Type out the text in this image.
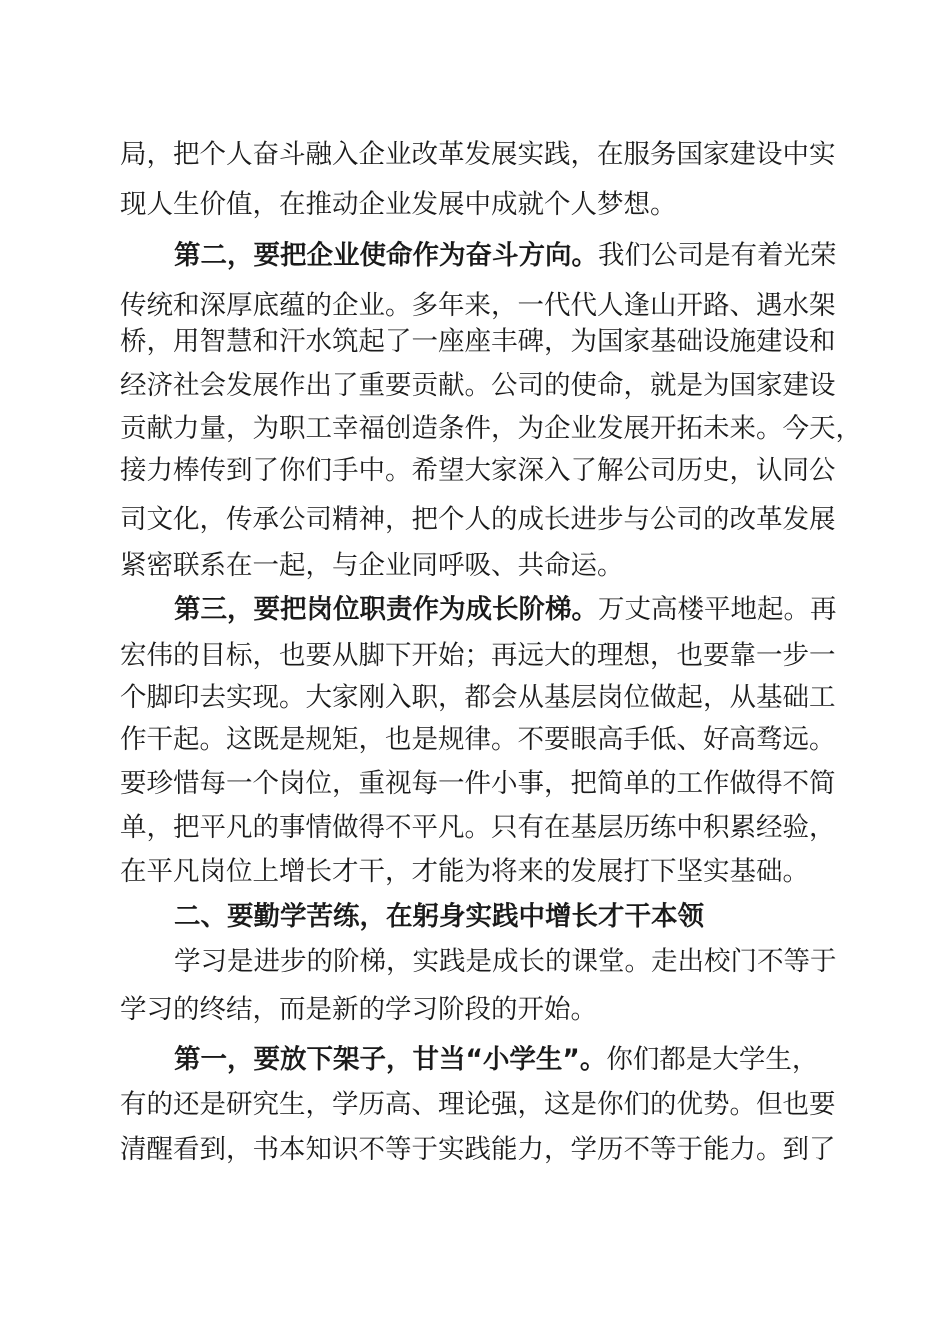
局，把个人奋斗融入企业改革发展实践，在服务国家建设中实
现人生价值，在推动企业发展中成就个人梦想。
第二，要把企业使命作为奋斗方向。我们公司是有着光荣
传统和深厚底蕴的企业。多年来，一代代人逢山开路、遇水架
桥，用智慧和汗水筑起了一座座丰碑，为国家基础设施建设和
经济社会发展作出了重要贡献。公司的使命，就是为国家建设
贡献力量，为职工幸福创造条件，为企业发展开拓未来。今天，
接力棒传到了你们手中。希望大家深入了解公司历史，认同公
司文化，传承公司精神，把个人的成长进步与公司的改革发展
紧密联系在一起，与企业同呼吸、共命运。
第三，要把岗位职责作为成长阶梯。万丈高楼平地起。再
宏伟的目标，也要从脚下开始；再远大的理想，也要靠一步一
个脚印去实现。大家刚入职，都会从基层岗位做起，从基础工
作干起。这既是规矩，也是规律。不要眼高手低、好高骛远。
要珍惜每一个岗位，重视每一件小事，把简单的工作做得不简
单，把平凡的事情做得不平凡。只有在基层历练中积累经验，
在平凡岗位上增长才干，才能为将来的发展打下坚实基础。
二、要勤学苦练，在躬身实践中增长才干本领
学习是进步的阶梯，实践是成长的课堂。走出校门不等于
学习的终结，而是新的学习阶段的开始。
第一，要放下架子，甘当“小学生”。你们都是大学生，
有的还是研究生，学历高、理论强，这是你们的优势。但也要
清醒看到，书本知识不等于实践能力，学历不等于能力。到了
